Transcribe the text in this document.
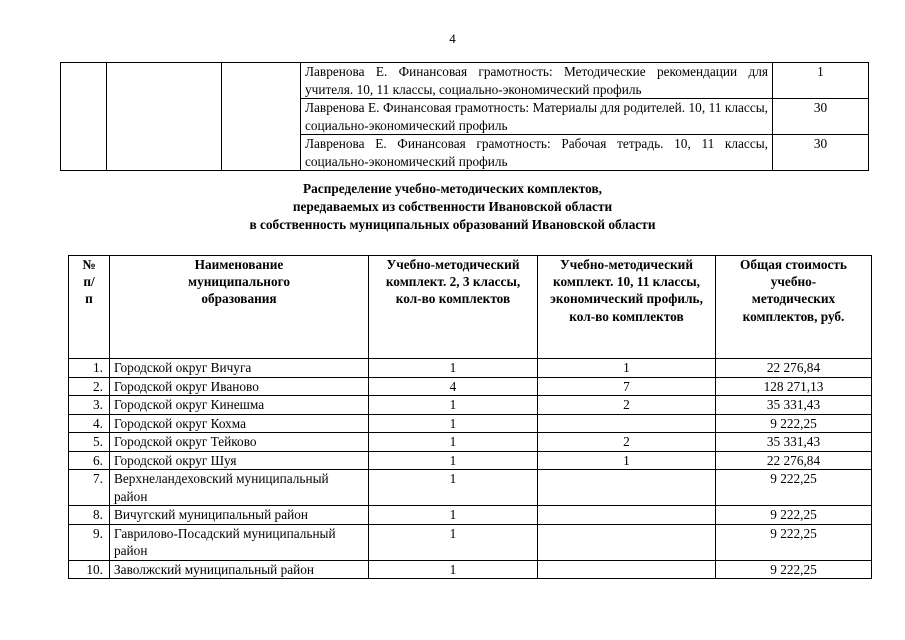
4
			Лавренова Е. Финансовая грамотность: Методические рекомендации для учителя. 10, 11 классы, социально-экономический профиль	1
			Лавренова Е. Финансовая грамотность: Материалы для родителей. 10, 11 классы, социально-экономический профиль	30
			Лавренова Е. Финансовая грамотность: Рабочая тетрадь. 10, 11 классы, социально-экономический профиль	30
Распределение учебно-методических комплектов,
передаваемых из собственности Ивановской области
в собственность муниципальных образований Ивановской области
№ п/п	Наименование муниципального образования	Учебно-методический комплект. 2, 3 классы, кол-во комплектов	Учебно-методический комплект. 10, 11 классы, экономический профиль, кол-во комплектов	Общая стоимость учебно-методических комплектов, руб.
1.	Городской округ Вичуга	1	1	22 276,84
2.	Городской округ Иваново	4	7	128 271,13
3.	Городской округ Кинешма	1	2	35 331,43
4.	Городской округ Кохма	1		9 222,25
5.	Городской округ Тейково	1	2	35 331,43
6.	Городской округ Шуя	1	1	22 276,84
7.	Верхнеландеховский муниципальный район	1		9 222,25
8.	Вичугский муниципальный район	1		9 222,25
9.	Гаврилово-Посадский муниципальный район	1		9 222,25
10.	Заволжский муниципальный район	1		9 222,25
